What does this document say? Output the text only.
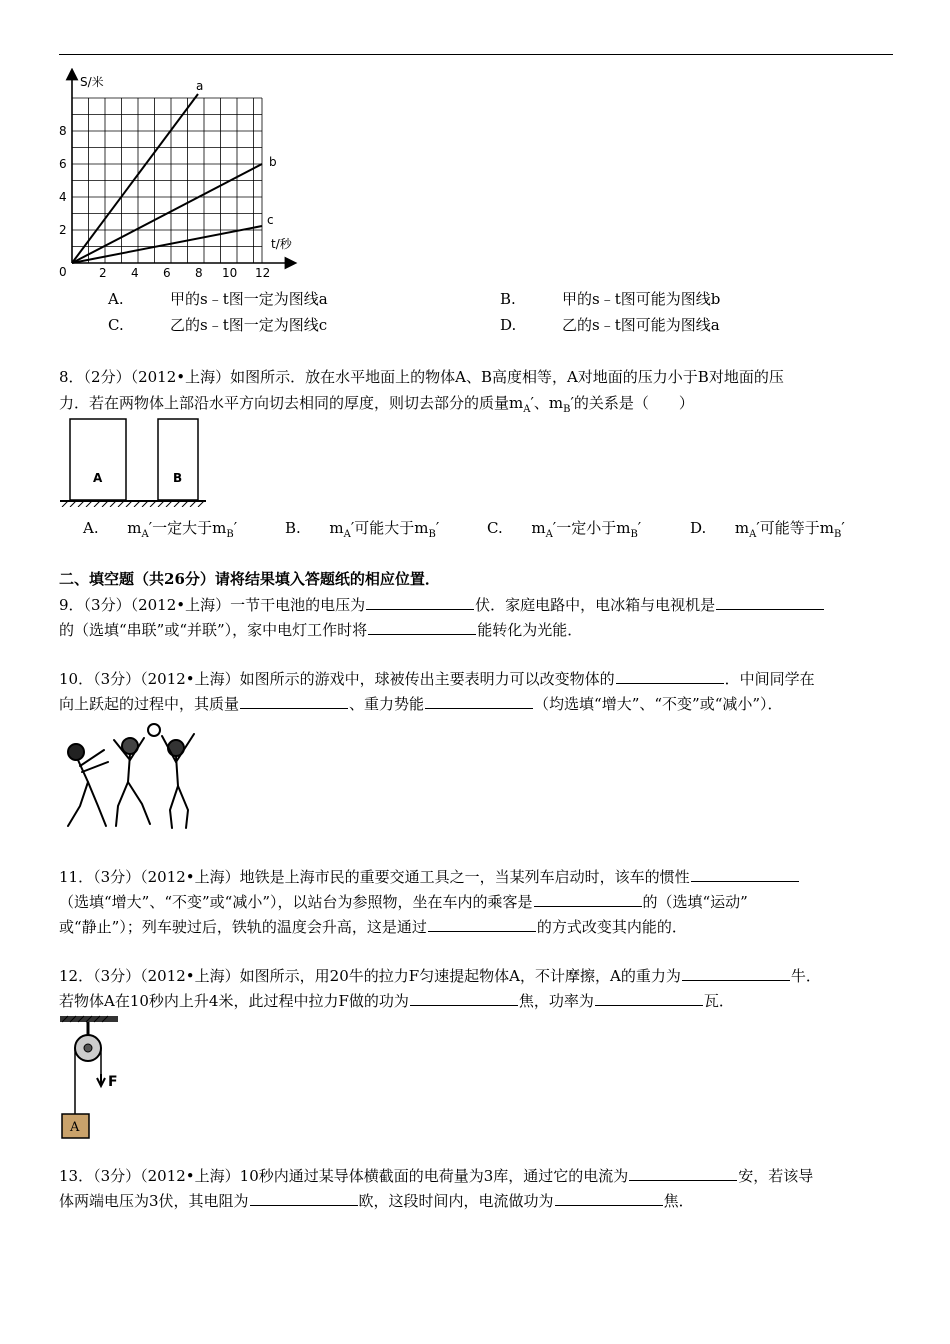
S/米
t/秒
8
6
4
2
0	2 4 6 8 10 12
a
b
c
A.	甲的s﹣t图一定为图线a	B.	甲的s﹣t图可能为图线b
C.	乙的s﹣t图一定为图线c	D.	乙的s﹣t图可能为图线a
8．（2分）（2012•上海）如图所示．放在水平地面上的物体A、B高度相等，A对地面的压力小于B对地面的压
力．若在两物体上部沿水平方向切去相同的厚度，则切去部分的质量$m_A'$、$m_B'$的关系是（　　）
A	B
A. $m_A'$一定大于$m_B'$	B. $m_A'$可能大于$m_B'$	C. $m_A'$一定小于$m_B'$	D. $m_A'$可能等于$m_B'$
二、填空题（共26分）请将结果填入答题纸的相应位置．
9．（3分）（2012•上海）一节干电池的电压为	伏．家庭电路中，电冰箱与电视机是
的（选填“串联”或“并联”），家中电灯工作时将	能转化为光能．
10．（3分）（2012•上海）如图所示的游戏中，球被传出主要表明力可以改变物体的	．中间同学在
向上跃起的过程中，其质量	、重力势能	（均选填“增大”、“不变”或“减小”）．
11．（3分）（2012•上海）地铁是上海市民的重要交通工具之一，当某列车启动时，该车的惯性
（选填“增大”、“不变”或“减小”），以站台为参照物，坐在车内的乘客是	的（选填“运动”
或“静止”）；列车驶过后，铁轨的温度会升高，这是通过	的方式改变其内能的．
12．（3分）（2012•上海）如图所示，用20牛的拉力F匀速提起物体A，不计摩擦，A的重力为	牛．
若物体A在10秒内上升4米，此过程中拉力F做的功为	焦，功率为	瓦．
F
A
13．（3分）（2012•上海）10秒内通过某导体横截面的电荷量为3库，通过它的电流为	安，若该导
体两端电压为3伏，其电阻为	欧，这段时间内，电流做功为	焦．
